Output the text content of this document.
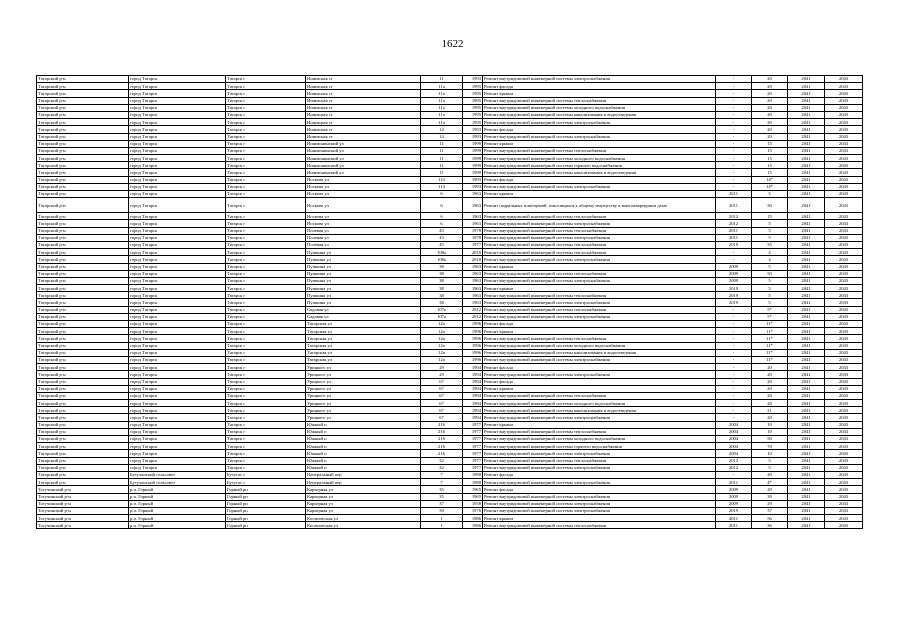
1622
Татарский р-н	город Татарск	Татарск г	Ишимская ст	11	1993	Ремонт внутридомовой инженерной системы электроснабжения	-	20	2041	2043
Татарский р-н	город Татарск	Татарск г	Ишимская ст	11а	1995	Ремонт фасада	-	20	2041	2043
Татарский р-н	город Татарск	Татарск г	Ишимская ст	11а	1995	Ремонт крыши	-	20	2041	2043
Татарский р-н	город Татарск	Татарск г	Ишимская ст	11а	1995	Ремонт внутридомовой инженерной системы теплоснабжения	-	20	2041	2043
Татарский р-н	город Татарск	Татарск г	Ишимская ст	11а	1995	Ремонт внутридомовой инженерной системы холодного водоснабжения	-	20	2041	2043
Татарский р-н	город Татарск	Татарск г	Ишимская ст	11а	1995	Ремонт внутридомовой инженерной системы канализования и водоотведения	-	20	2041	2043
Татарский р-н	город Татарск	Татарск г	Ишимская ст	11а	1995	Ремонт внутридомовой инженерной системы электроснабжения	-	20	2041	2043
Татарский р-н	город Татарск	Татарск г	Ишимская ст	14	1993	Ремонт фасада	-	20	2041	2043
Татарский р-н	город Татарск	Татарск г	Ишимская ст	14	1993	Ремонт внутридомовой инженерной системы электроснабжения	-	20	2041	2043
Татарский р-н	город Татарск	Татарск г	Ишимонинский ул	11	1999	Ремонт крыши	-	15	2041	2043
Татарский р-н	город Татарск	Татарск г	Ишимонинский ул	11	1999	Ремонт внутридомовой инженерной системы теплоснабжения	-	15	2041	2043
Татарский р-н	город Татарск	Татарск г	Ишимонинский ул	11	1999	Ремонт внутридомовой инженерной системы холодного водоснабжения	-	15	2041	2043
Татарский р-н	город Татарск	Татарск г	Ишимонинский ул	11	1999	Ремонт внутридомовой инженерной системы горячего водоснабжения	-	15	2041	2043
Татарский р-н	город Татарск	Татарск г	Ишимонинский ул	11	1999	Ремонт внутридомовой инженерной системы канализования и водоотведения	-	15	2041	2043
Татарский р-н	город Татарск	Татарск г	Носкова ул	114	1993	Ремонт фасада	-	14*	2041	2043
Татарский р-н	город Татарск	Татарск г	Носкова ул	114	1993	Ремонт внутридомовой инженерной системы электроснабжения	-	14*	2041	2043
Татарский р-н	город Татарск	Татарск г	Носкова ул	6	1963	Ремонт крыши	2011	5	2041	2043
Татарский р-н	город Татарск	Татарск г	Носкова ул	6	1963	Ремонт подвальных помещений, относящихся к общему имуществу в многоквартирном доме	2011	30	2041	2043
Татарский р-н	город Татарск	Татарск г	Носкова ул	6	1963	Ремонт внутридомовой инженерной системы теплоснабжения	2012	15	2041	2043
Татарский р-н	город Татарск	Татарск г	Носкова ул	6	1963	Ремонт внутридомовой инженерной системы электроснабжения	2012	5	2041	2043
Татарский р-н	город Татарск	Татарск г	Полевая ул	43	1978	Ремонт внутридомовой инженерной системы теплоснабжения	2011	5	2041	2043
Татарский р-н	город Татарск	Татарск г	Полевая ул	43	1978	Ремонт внутридомовой инженерной системы электроснабжения	2011	5	2041	2043
Татарский р-н	город Татарск	Татарск г	Полевая ул	45	1977	Ремонт внутридомовой инженерной системы теплоснабжения	2019	35	2041	2043
Татарский р-н	город Татарск	Татарск г	Пушкина ул	108а	2018	Ремонт внутридомовой инженерной системы теплоснабжения	-	4	2041	2043
Татарский р-н	город Татарск	Татарск г	Пушкина ул	108а	2018	Ремонт внутридомовой инженерной системы электроснабжения	-	4	2041	2043
Татарский р-н	город Татарск	Татарск г	Пушкина ул	38	1963	Ремонт крыши	2009	5	2041	2043
Татарский р-н	город Татарск	Татарск г	Пушкина ул	38	1963	Ремонт внутридомовой инженерной системы теплоснабжения	2009	50	2041	2043
Татарский р-н	город Татарск	Татарск г	Пушкина ул	38	1963	Ремонт внутридомовой инженерной системы электроснабжения	2009	5	2041	2043
Татарский р-н	город Татарск	Татарск г	Пушкина ул	38	1963	Ремонт крыши	2019	5	2041	2043
Татарский р-н	город Татарск	Татарск г	Пушкина ул	38	1963	Ремонт внутридомовой инженерной системы теплоснабжения	2019	5	2041	2043
Татарский р-н	город Татарск	Татарск г	Пушкина ул	38	1963	Ремонт внутридомовой инженерной системы электроснабжения	2019	5	2041	2043
Татарский р-н	город Татарск	Татарск г	Садовая ул	107а	2012	Ремонт внутридомовой инженерной системы теплоснабжения	-	5*	2041	2043
Татарский р-н	город Татарск	Татарск г	Садовая ул	107а	2012	Ремонт внутридомовой инженерной системы электроснабжения	-	5*	2041	2043
Татарский р-н	город Татарск	Татарск г	Татарская ул	12а	1996	Ремонт фасада	-	11*	2041	2043
Татарский р-н	город Татарск	Татарск г	Татарская ул	12а	1996	Ремонт крыши	-	11*	2041	2043
Татарский р-н	город Татарск	Татарск г	Татарская ул	12а	1996	Ремонт внутридомовой инженерной системы теплоснабжения	-	11*	2041	2043
Татарский р-н	город Татарск	Татарск г	Татарская ул	12а	1996	Ремонт внутридомовой инженерной системы холодного водоснабжения	-	11*	2041	2043
Татарский р-н	город Татарск	Татарск г	Татарская ул	12а	1996	Ремонт внутридомовой инженерной системы канализования и водоотведения	-	11*	2041	2043
Татарский р-н	город Татарск	Татарск г	Татарская ул	12а	1996	Ремонт внутридомовой инженерной системы электроснабжения	-	11*	2041	2043
Татарский р-н	город Татарск	Татарск г	Урицкого ул	29	1994	Ремонт фасада	-	20	2041	2043
Татарский р-н	город Татарск	Татарск г	Урицкого ул	29	1994	Ремонт внутридомовой инженерной системы электроснабжения	-	20	2041	2043
Татарский р-н	город Татарск	Татарск г	Урицкого ул	67	1994	Ремонт фасада	-	20	2041	2043
Татарский р-н	город Татарск	Татарск г	Урицкого ул	67	1994	Ремонт крыши	-	20	2041	2043
Татарский р-н	город Татарск	Татарск г	Урицкого ул	67	1994	Ремонт внутридомовой инженерной системы теплоснабжения	-	20	2041	2043
Татарский р-н	город Татарск	Татарск г	Урицкого ул	67	1994	Ремонт внутридомовой инженерной системы холодного водоснабжения	-	20	2041	2043
Татарский р-н	город Татарск	Татарск г	Урицкого ул	67	1994	Ремонт внутридомовой инженерной системы канализования и водоотведения	-	21	2041	2043
Татарский р-н	город Татарск	Татарск г	Урицкого ул	67	1994	Ремонт внутридомовой инженерной системы электроснабжения	-	20	2041	2043
Татарский р-н	город Татарск	Татарск г	Южный п	216	1977	Ремонт крыши	2004	10	2041	2043
Татарский р-н	город Татарск	Татарск г	Южный п	216	1977	Ремонт внутридомовой инженерной системы теплоснабжения	2004	10	2041	2043
Татарский р-н	город Татарск	Татарск г	Южный п	216	1977	Ремонт внутридомовой инженерной системы холодного водоснабжения	2004	50	2041	2043
Татарский р-н	город Татарск	Татарск г	Южный п	216	1977	Ремонт внутридомовой инженерной системы горячего водоснабжения	2004	70	2041	2043
Татарский р-н	город Татарск	Татарск г	Южный п	216	1977	Ремонт внутридомовой инженерной системы электроснабжения	2004	10	2041	2043
Татарский р-н	город Татарск	Татарск г	Южный п	32	1977	Ремонт внутридомовой инженерной системы теплоснабжения	2012	5	2041	2043
Татарский р-н	город Татарск	Татарск г	Южный п	32	1977	Ремонт внутридомовой инженерной системы электроснабжения	2012	5	2041	2043
Татарский р-н	Бутуханский сельсовет	Бутугас с	Центральный пер	7	1980	Ремонт фасада	-	20	2041	2043
Татарский р-н	Бутуханский сельсовет	Бутугас с	Центральный пер	7	1980	Ремонт внутридомовой инженерной системы электроснабжения	2011	4*	2041	2043
Тогучинский р-н	р.п. Горный	Горный рп	Карьерная ул	35	1965	Ремонт фасада	2009	29	2041	2043
Тогучинский р-н	р.п. Горный	Горный рп	Карьерная ул	35	1965	Ремонт внутридомовой инженерной системы электроснабжения	2009	39	2041	2043
Тогучинский р-н	р.п. Горный	Горный рп	Карьерная ул	37	1958	Ремонт внутридомовой инженерной системы электроснабжения	2009	29	2041	2043
Тогучинский р-н	р.п. Горный	Горный рп	Карьерная ул	39	1976	Ремонт внутридомовой инженерной системы электроснабжения	2019	37	2041	2043
Тогучинский р-н	р.п. Горный	Горный рп	Космическая ул	1	1986	Ремонт крыши	2011	56	2041	2043
Тогучинский р-н	р.п. Горный	Горный рп	Космическая ул	1	1986	Ремонт внутридомовой инженерной системы теплоснабжения	2011	36	2041	2043
